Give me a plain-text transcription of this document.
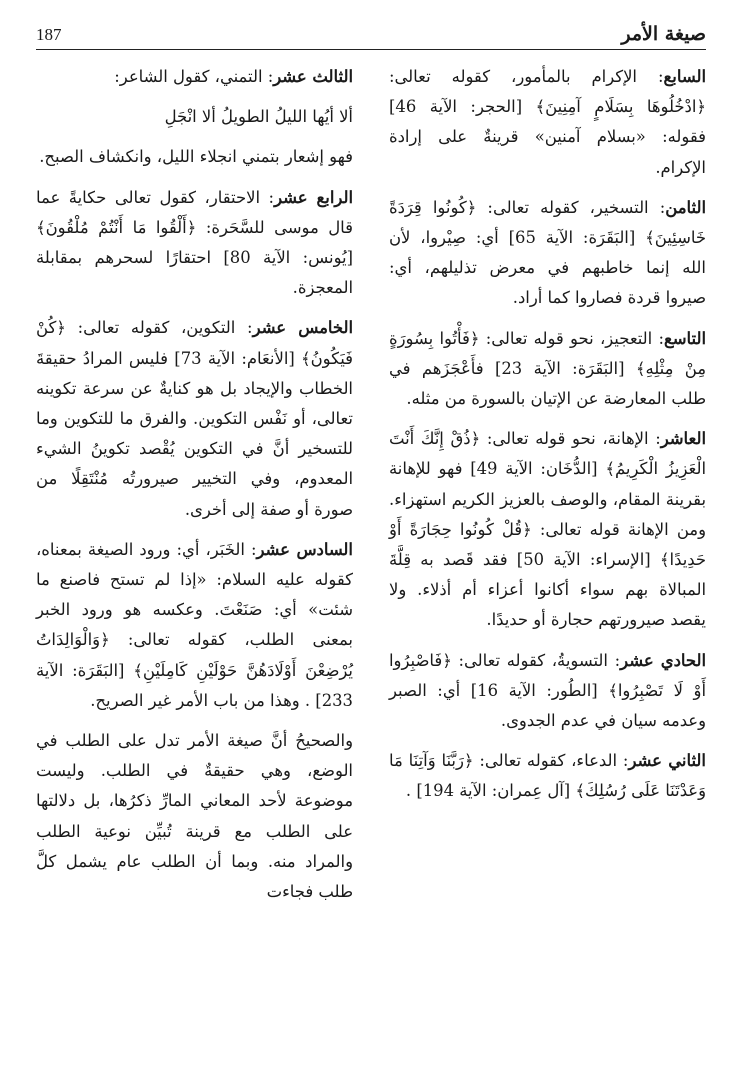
صيغة الأمر
187

السابع: الإكرام بالمأمور، كقوله تعالى: ﴿ادْخُلُوهَا بِسَلَامٍ آمِنِينَ﴾ [الحجر: الآية 46] فقوله: «بسلام آمنين» قرينةٌ على إرادة الإكرام.

الثامن: التسخير، كقوله تعالى: ﴿كُونُوا قِرَدَةً خَاسِئِينَ﴾ [البَقَرَة: الآية 65] أي: صِيْروا، لأن الله إنما خاطبهم في معرض تذليلهم، أي: صيروا قردة فصاروا كما أراد.

التاسع: التعجيز، نحو قوله تعالى: ﴿فَأْتُوا بِسُورَةٍ مِنْ مِثْلِهِ﴾ [البَقَرَة: الآية 23] فأَعْجَزَهم في طلب المعارضة عن الإتيان بالسورة من مثله.

العاشر: الإهانة، نحو قوله تعالى: ﴿ذُقْ إِنَّكَ أَنْتَ الْعَزِيزُ الْكَرِيمُ﴾ [الدُّخَان: الآية 49] فهو للإهانة بقرينة المقام، والوصف بالعزيز الكريم استهزاء. ومن الإهانة قوله تعالى: ﴿قُلْ كُونُوا حِجَارَةً أَوْ حَدِيدًا﴾ [الإسراء: الآية 50] فقد قَصد به قِلَّةَ المبالاة بهم سواء أكانوا أعزاء أم أذلاء. ولا يقصد صيرورتهم حجارة أو حديدًا.

الحادي عشر: التسويةُ، كقوله تعالى: ﴿فَاصْبِرُوا أَوْ لَا تَصْبِرُوا﴾ [الطُور: الآية 16] أي: الصبر وعدمه سيان في عدم الجدوى.

الثاني عشر: الدعاء، كقوله تعالى: ﴿رَبَّنَا وَآتِنَا مَا وَعَدْتَنَا عَلَى رُسُلِكَ﴾ [آل عِمران: الآية 194] .

الثالث عشر: التمني، كقول الشاعر:

ألا أيُها الليلُ الطويلُ ألا انْجَلِ

فهو إشعار بتمني انجلاء الليل، وانكشاف الصبح.

الرابع عشر: الاحتقار، كقول تعالى حكايةً عما قال موسى للسَّحَرة: ﴿أَلْقُوا مَا أَنْتُمْ مُلْقُونَ﴾ [يُونس: الآية 80] احتقارًا لسحرهم بمقابلة المعجزة.

الخامس عشر: التكوين، كقوله تعالى: ﴿كُنْ فَيَكُونُ﴾ [الأنعَام: الآية 73] فليس المرادُ حقيقةَ الخطاب والإيجاد بل هو كنايةٌ عن سرعة تكوينه تعالى، أو نَفْس التكوين. والفرق ما للتكوين وما للتسخير أنَّ في التكوين يُقْصد تكوينُ الشيء المعدوم، وفي التخيير صيرورتُه مُنْتَقِلًا من صورة أو صفة إلى أخرى.

السادس عشر: الخَبَر، أي: ورود الصيغة بمعناه، كقوله عليه السلام: «إذا لم تستح فاصنع ما شئت» أي: صَنَعْتَ. وعكسه هو ورود الخبر بمعنى الطلب، كقوله تعالى: ﴿وَالْوَالِدَاتُ يُرْضِعْنَ أَوْلَادَهُنَّ حَوْلَيْنِ كَامِلَيْنِ﴾ [البَقَرَة: الآية 233] . وهذا من باب الأمر غير الصريح.

والصحيحُ أنَّ صيغة الأمر تدل على الطلب في الوضع، وهي حقيقةٌ في الطلب. وليست موضوعة لأحد المعاني المارِّ ذكرُها، بل دلالتها على الطلب مع قرينة تُبيِّن نوعية الطلب والمراد منه. وبما أن الطلب عام يشمل كلَّ طلب فجاءت
